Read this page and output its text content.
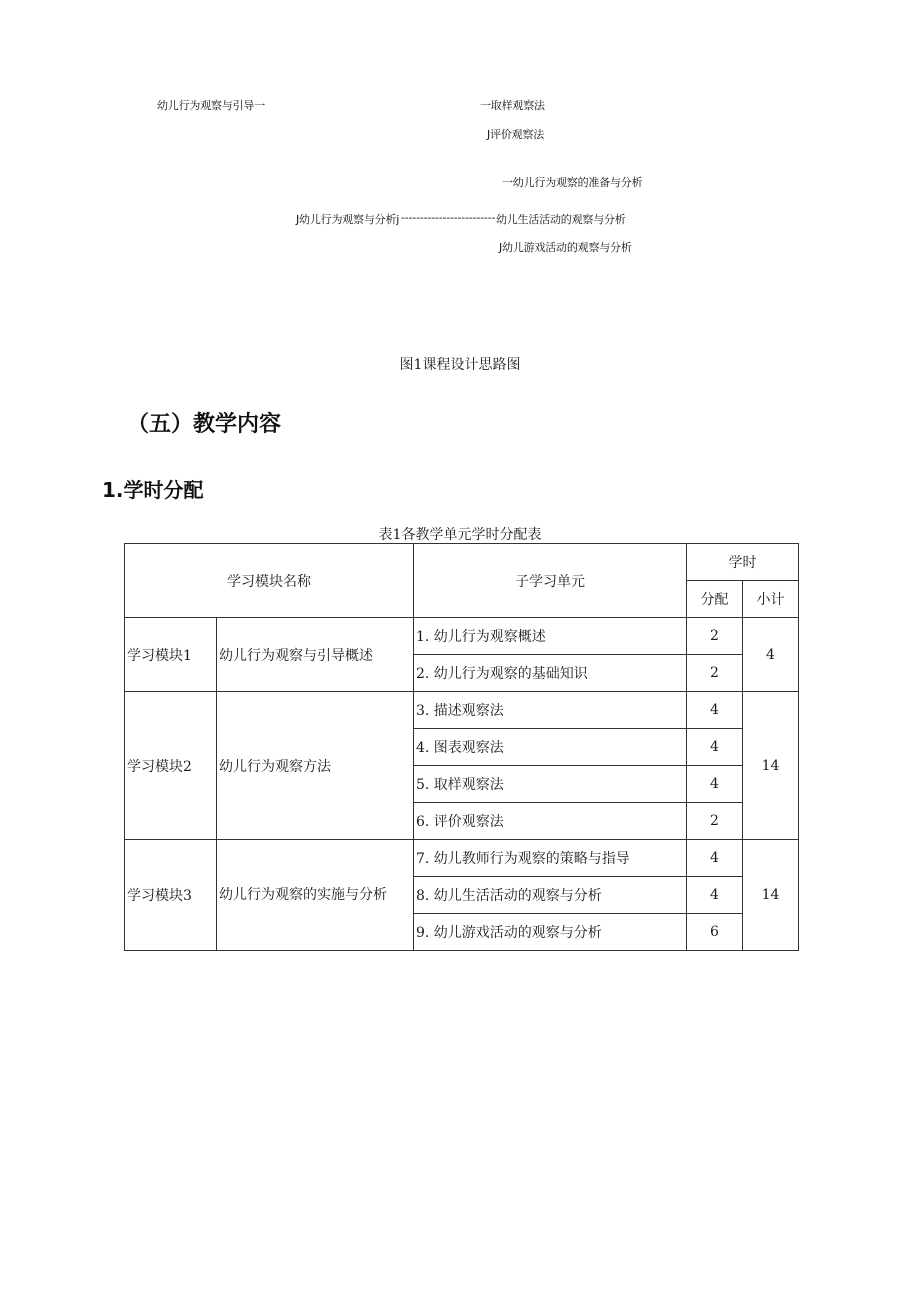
幼儿行为观察与引导一	一取样观察法
J评价观察法
一幼儿行为观察的准备与分析
J幼儿行为观察与分析j ------------------------- 幼儿生活活动的观察与分析
J幼儿游戏活动的观察与分析
图1课程设计思路图
（五）教学内容
1.学时分配
表1各教学单元学时分配表
学习模块名称		子学习单元	学时	
			分配	小计
学习模块1	幼儿行为观察与引导概述	1. 幼儿行为观察概述	2	4
		2. 幼儿行为观察的基础知识	2	
学习模块2	幼儿行为观察方法	3. 描述观察法	4	14
		4. 图表观察法	4	
		5. 取样观察法	4	
		6. 评价观察法	2	
学习模块3	幼儿行为观察的实施与分析	7. 幼儿教师行为观察的策略与指导	4	14
		8. 幼儿生活活动的观察与分析	4	
		9. 幼儿游戏活动的观察与分析	6	
